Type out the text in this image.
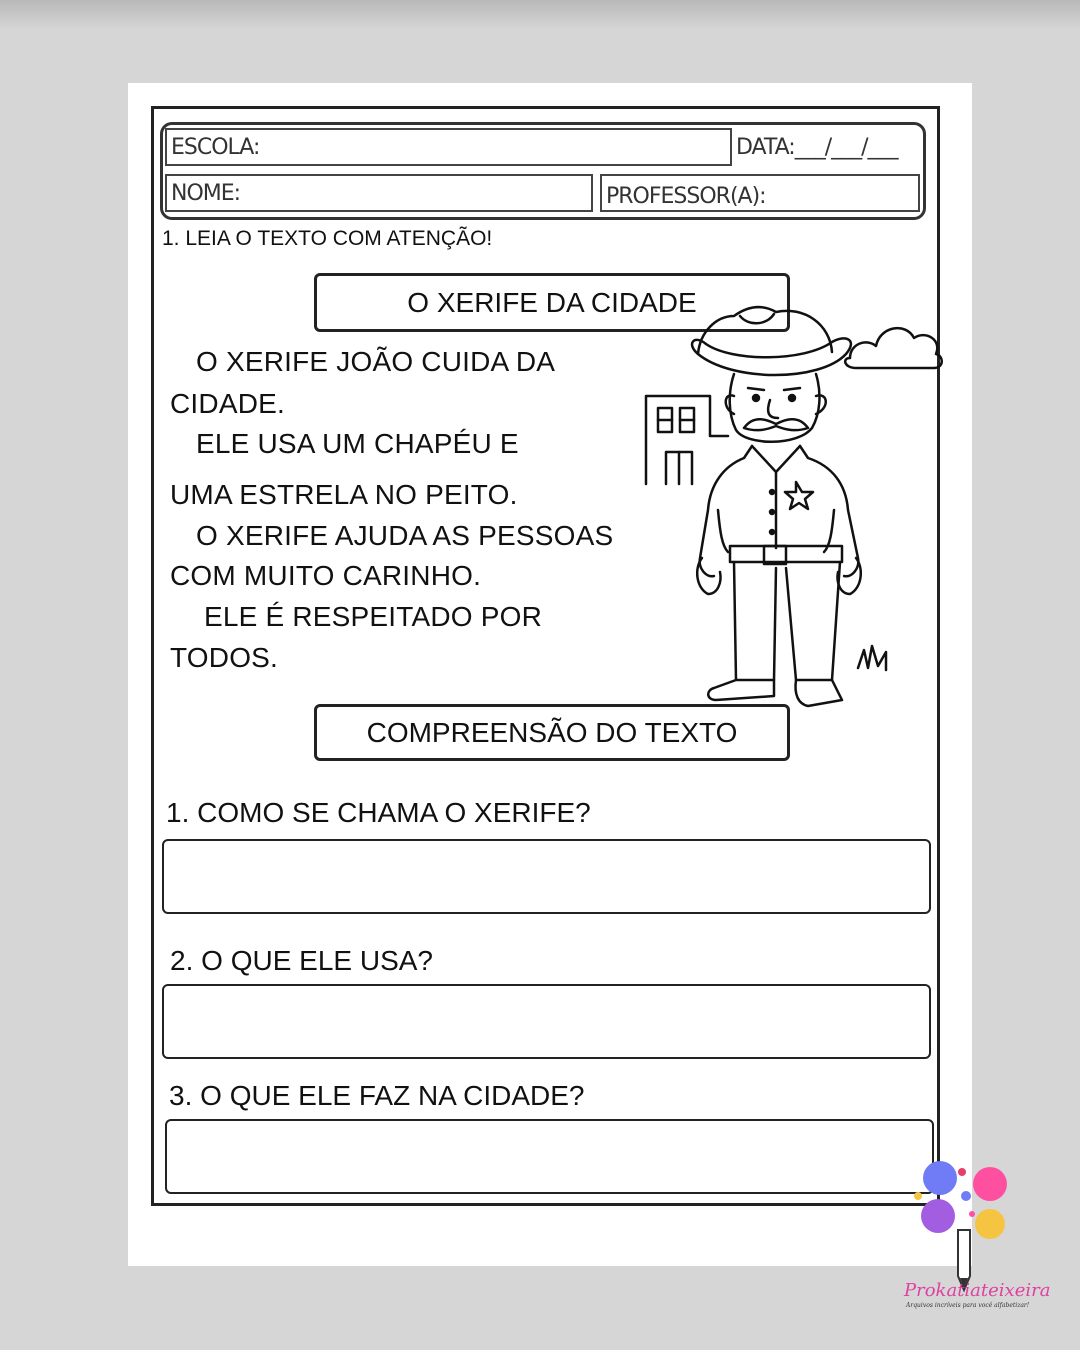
ESCOLA:	DATA:___/___/___
NOME:	PROFESSOR(A):
1. LEIA O TEXTO COM ATENÇÃO!
O XERIFE DA CIDADE
O XERIFE JOÃO CUIDA DA
CIDADE.
ELE USA UM CHAPÉU E
UMA ESTRELA NO PEITO.
O XERIFE AJUDA AS PESSOAS
COM MUITO CARINHO.
ELE É RESPEITADO POR
TODOS.
COMPREENSÃO DO TEXTO
1. COMO SE CHAMA O XERIFE?
2. O QUE ELE USA?
3. O QUE ELE FAZ NA CIDADE?
Prokatiateixeira
Arquivos incríveis para você alfabetizar!
